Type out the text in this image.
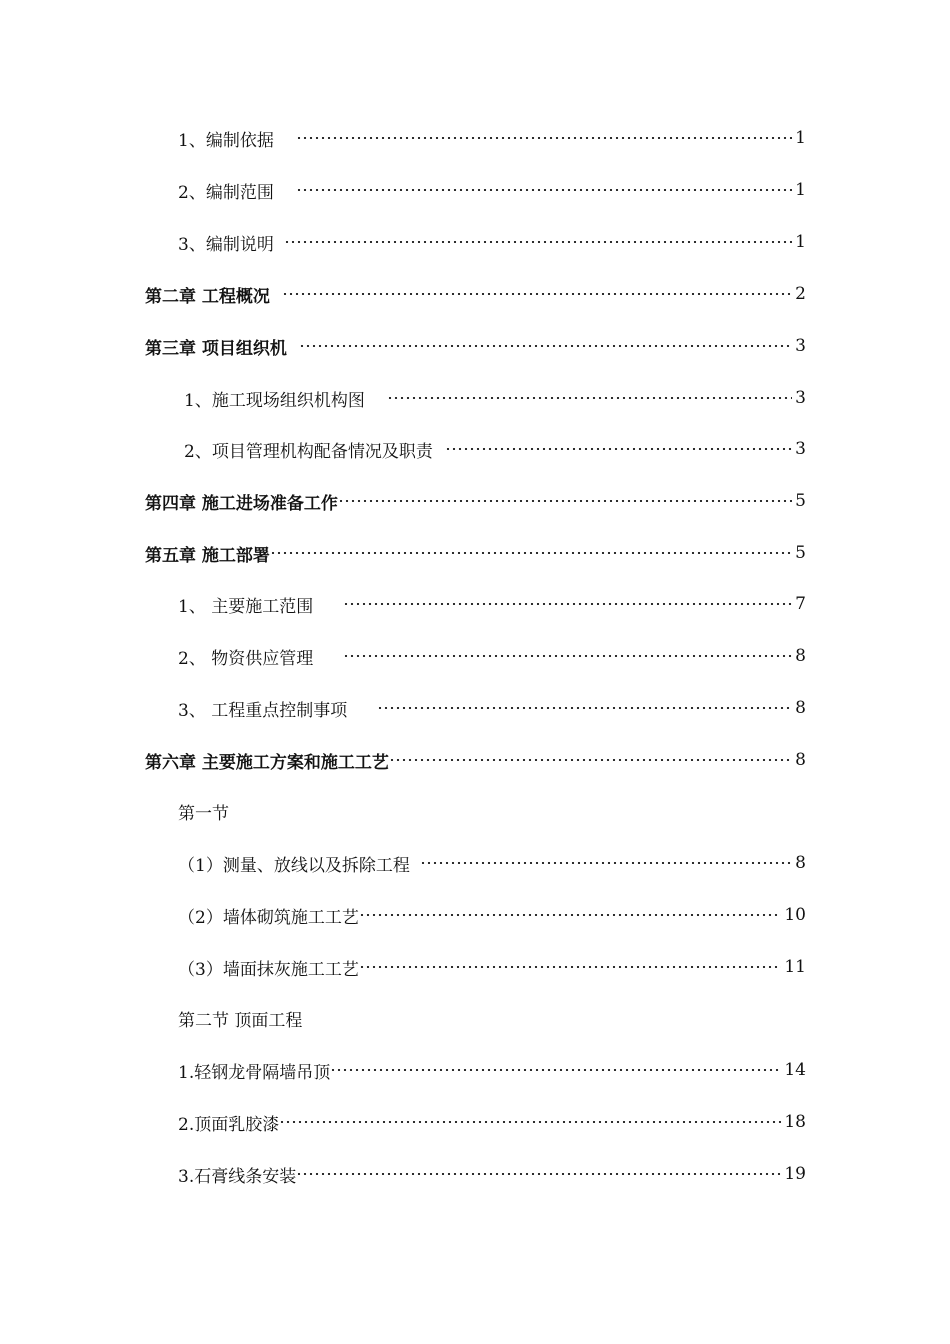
1、编制依据	1
2、编制范围	1
3、编制说明	1
第二章 工程概况	2
第三章 项目组织机	3
1、施工现场组织机构图	3
2、项目管理机构配备情况及职责	3
第四章 施工进场准备工作	5
第五章 施工部署	5
1、 主要施工范围	7
2、 物资供应管理	8
3、 工程重点控制事项	8
第六章 主要施工方案和施工工艺	8
第一节
（1）测量、放线以及拆除工程	8
（2）墙体砌筑施工工艺	10
（3）墙面抹灰施工工艺	11
第二节 顶面工程
1.轻钢龙骨隔墙吊顶	14
2.顶面乳胶漆	18
3.石膏线条安装	19
